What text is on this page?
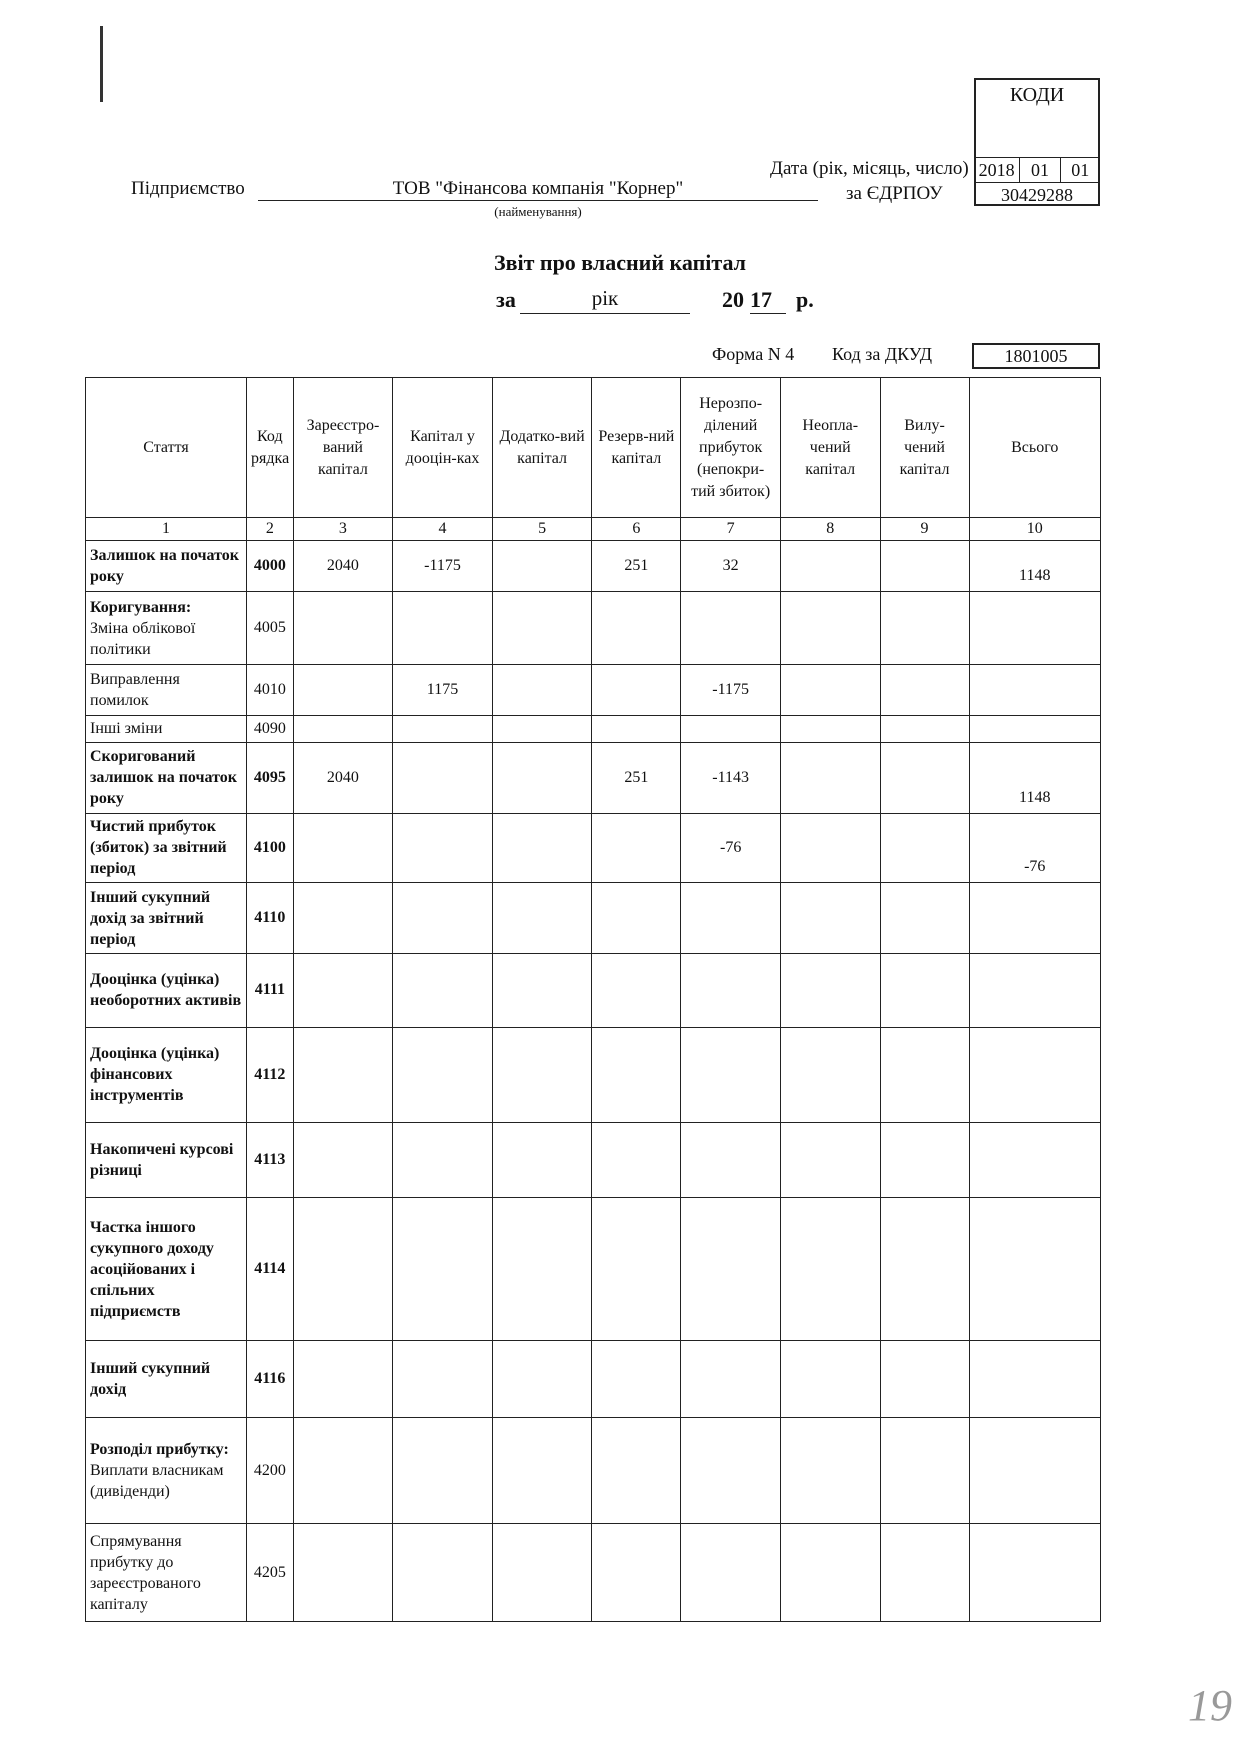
КОДИ
Дата (рік, місяць, число) 2018 01	01
за ЄДРПОУ	30429288
Підприємство	ТОВ "Фінансова компанія "Корнер"
(найменування)
Звіт про власний капітал
за	рік	20 17 р.
Форма N 4 Код за ДКУД	1801005
Стаття	Код рядка	Зареєстро-ваний капітал	Капітал у дооцін-ках	Додатко-вий капітал	Резерв-ний капітал	Нерозпо-ділений прибуток (непокри-тий збиток)	Неопла-чений капітал	Вилу-чений капітал	Всього
1	2	3	4	5	6	7	8	9	10
Залишок на початок року	4000	2040	-1175		251	32			1148
Коригування:
Зміна облікової політики	4005								
Виправлення помилок	4010		1175			-1175			
Інші зміни	4090								
Скоригований залишок на початок року	4095	2040			251	-1143			1148
Чистий прибуток (збиток) за звітний період	4100					-76			-76
Інший сукупний дохід за звітний період	4110								
Дооцінка (уцінка) необоротних активів	4111								
Дооцінка (уцінка) фінансових інструментів	4112								
Накопичені курсові різниці	4113								
Частка іншого сукупного доходу асоційованих і спільних підприємств	4114								
Інший сукупний дохід	4116								
Розподіл прибутку:
Виплати власникам (дивіденди)	4200								
Спрямування прибутку до зареєстрованого капіталу	4205								
19
